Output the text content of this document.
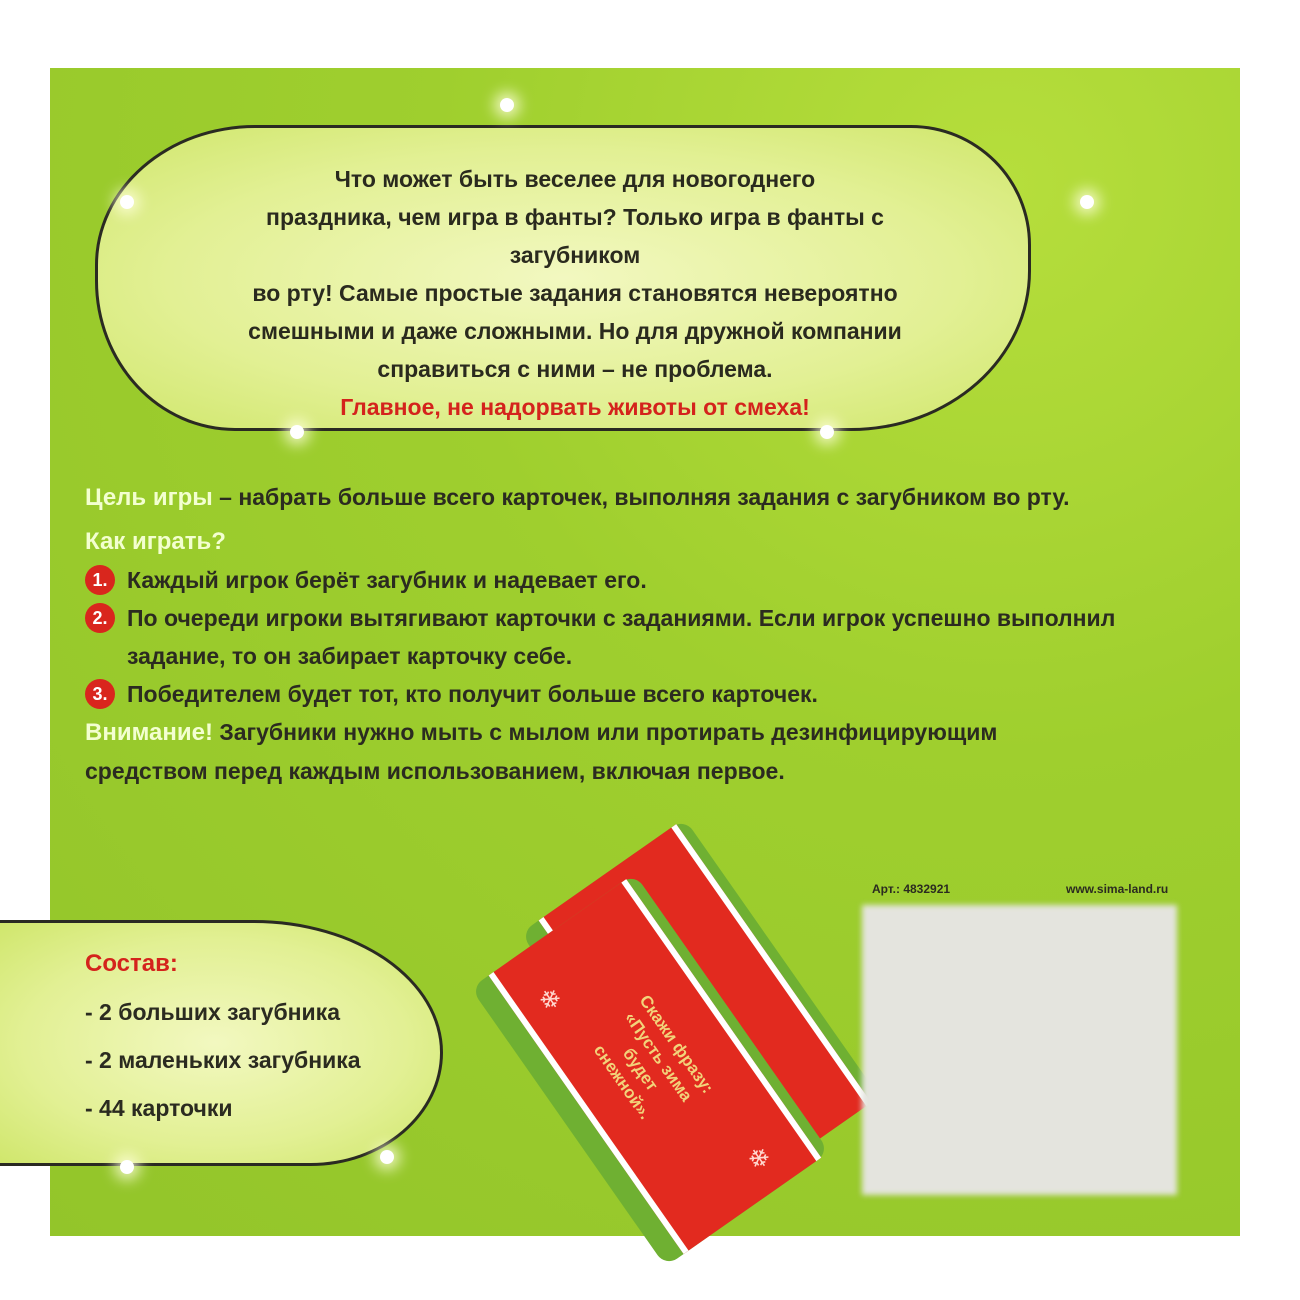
Что может быть веселее для новогоднего
праздника, чем игра в фанты? Только игра в фанты с загубником
во рту! Самые простые задания становятся невероятно
смешными и даже сложными. Но для дружной компании
справиться с ними – не проблема.
Главное, не надорвать животы от смеха!
Цель игры – набрать больше всего карточек, выполняя задания с загубником во рту.
Как играть?
1. Каждый игрок берёт загубник и надевает его.
2. По очереди игроки вытягивают карточки с заданиями. Если игрок успешно выполнил задание, то он забирает карточку себе.
3. Победителем будет тот, кто получит больше всего карточек.
Внимание! Загубники нужно мыть с мылом или протирать дезинфицирующим средством перед каждым использованием, включая первое.
Арт.: 4832921	www.sima-land.ru
Состав:
- 2 больших загубника
- 2 маленьких загубника
- 44 карточки
❄
❄
Скажи фразу: «Пусть зима будет снежной».
